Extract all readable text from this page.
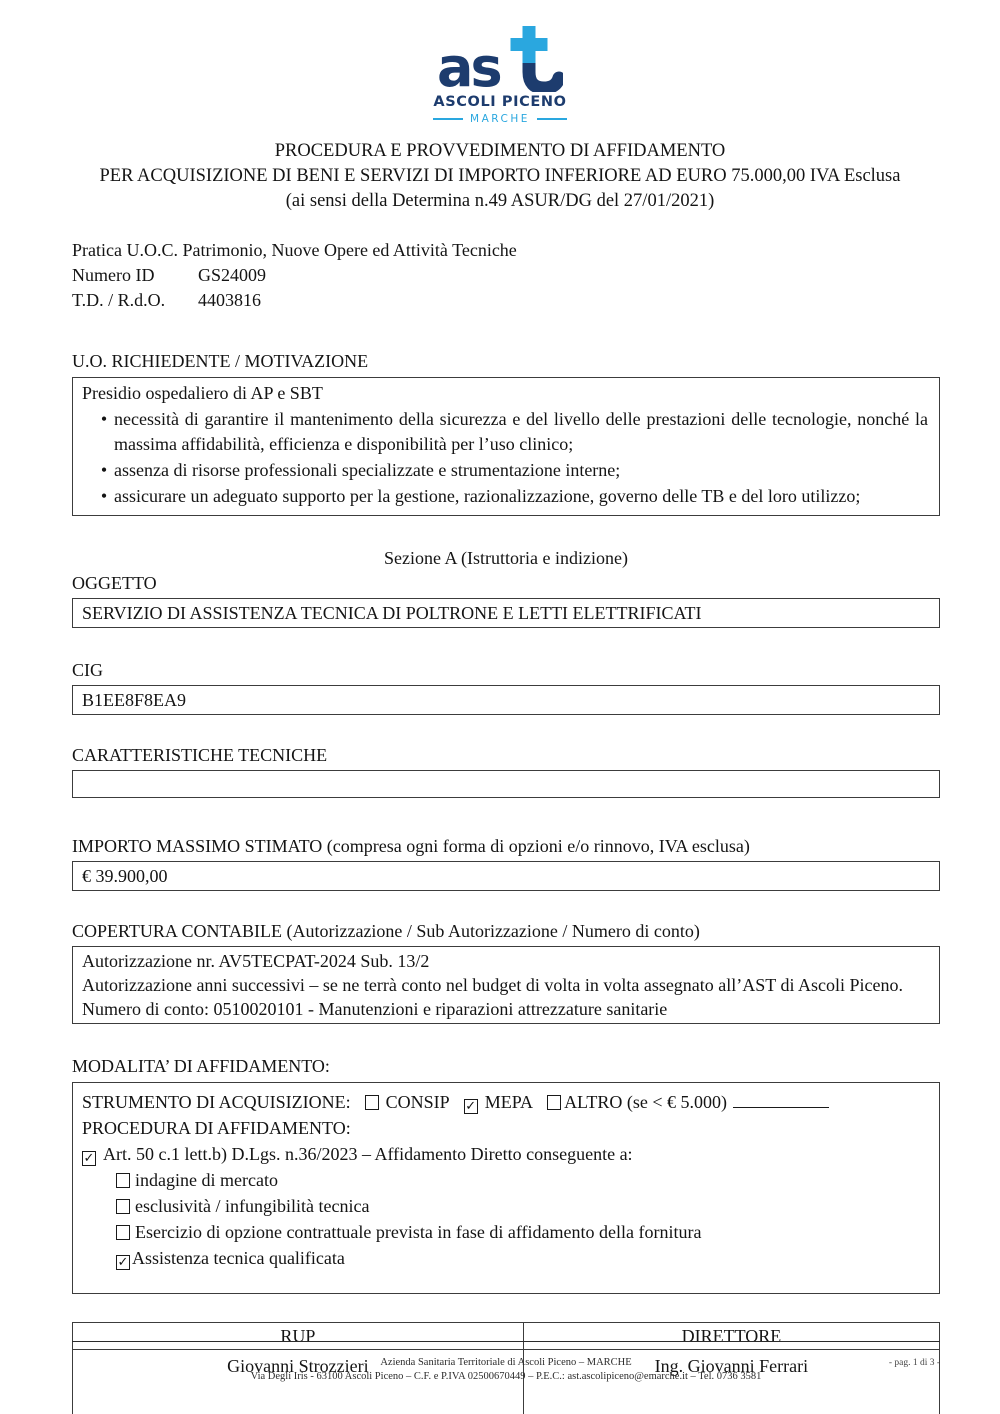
as
ASCOLI PICENO
MARCHE
PROCEDURA E PROVVEDIMENTO DI AFFIDAMENTO
PER ACQUISIZIONE DI BENI E SERVIZI DI IMPORTO INFERIORE AD EURO 75.000,00 IVA Esclusa
(ai sensi della Determina n.49 ASUR/DG del 27/01/2021)
Pratica U.O.C. Patrimonio, Nuove Opere ed Attività Tecniche
Numero ID GS24009
T.D. / R.d.O. 4403816
U.O. RICHIEDENTE / MOTIVAZIONE
Presidio ospedaliero di AP e SBT
• necessità di garantire il mantenimento della sicurezza e del livello delle prestazioni delle tecnologie, nonché la massima affidabilità, efficienza e disponibilità per l’uso clinico;
• assenza di risorse professionali specializzate e strumentazione interne;
• assicurare un adeguato supporto per la gestione, razionalizzazione, governo delle TB e del loro utilizzo;
Sezione A (Istruttoria e indizione)
OGGETTO
SERVIZIO DI ASSISTENZA TECNICA DI POLTRONE E LETTI ELETTRIFICATI
CIG
B1EE8F8EA9
CARATTERISTICHE TECNICHE
IMPORTO MASSIMO STIMATO (compresa ogni forma di opzioni e/o rinnovo, IVA esclusa)
€ 39.900,00
COPERTURA CONTABILE (Autorizzazione / Sub Autorizzazione / Numero di conto)
Autorizzazione nr. AV5TECPAT-2024 Sub. 13/2
Autorizzazione anni successivi – se ne terrà conto nel budget di volta in volta assegnato all’AST di Ascoli Piceno.
Numero di conto: 0510020101 - Manutenzioni e riparazioni attrezzature sanitarie
MODALITA’ DI AFFIDAMENTO:
STRUMENTO DI ACQUISIZIONE: CONSIP ✓ MEPA ALTRO (se < € 5.000)
PROCEDURA DI AFFIDAMENTO:
✓ Art. 50 c.1 lett.b) D.Lgs. n.36/2023 – Affidamento Diretto conseguente a:
indagine di mercato
esclusività / infungibilità tecnica
Esercizio di opzione contrattuale prevista in fase di affidamento della fornitura
✓ Assistenza tecnica qualificata
RUP	DIRETTORE
Giovanni Strozzieri	Ing. Giovanni Ferrari
Azienda Sanitaria Territoriale di Ascoli Piceno – MARCHE
Via Degli Iris - 63100 Ascoli Piceno – C.F. e P.IVA 02500670449 – P.E.C.: ast.ascolipiceno@emarche.it – Tel. 0736 3581
- pag. 1 di 3 -
